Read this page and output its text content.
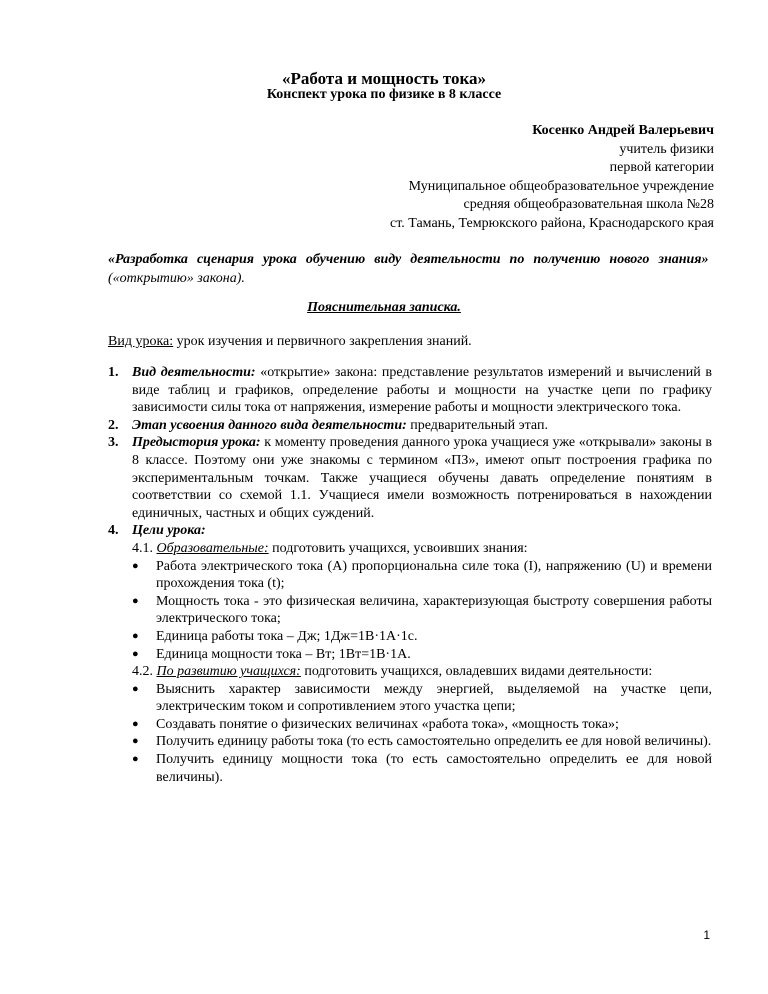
«Работа и мощность тока»
Конспект урока по физике в 8 классе
Косенко Андрей Валерьевич
учитель физики
первой категории
Муниципальное общеобразовательное учреждение
средняя общеобразовательная школа №28
ст. Тамань, Темрюкского района, Краснодарского края
«Разработка сценария урока обучению виду деятельности по получению нового знания»  («открытию» закона).
Пояснительная записка.
Вид урока: урок изучения и первичного закрепления знаний.
1. Вид деятельности: «открытие» закона: представление результатов измерений и вычислений в виде таблиц и графиков, определение работы и мощности на участке цепи по графику зависимости силы тока от напряжения, измерение работы и мощности электрического тока.
2. Этап усвоения данного вида деятельности: предварительный этап.
3. Предыстория урока: к моменту проведения данного урока учащиеся уже «открывали» законы в 8 классе. Поэтому они уже знакомы с термином «ПЗ», имеют опыт построения графика по экспериментальным точкам. Также учащиеся обучены давать определение понятиям в соответствии со схемой 1.1. Учащиеся имели возможность потренироваться в нахождении единичных, частных и общих суждений.
4. Цели урока:
4.1. Образовательные: подготовить учащихся, усвоивших знания:
●	Работа электрического тока (A) пропорциональна силе тока (I), напряжению (U) и времени прохождения тока (t);
●	Мощность тока - это физическая величина, характеризующая быстроту совершения работы электрического тока;
●	Единица работы тока – Дж; 1Дж=1В·1А·1с.
●	Единица мощности тока – Вт; 1Вт=1В·1А.
4.2. По развитию учащихся: подготовить учащихся, овладевших видами деятельности:
●	Выяснить характер зависимости между энергией, выделяемой на участке цепи, электрическим током и сопротивлением этого участка цепи;
●	Создавать понятие о физических величинах «работа тока», «мощность тока»;
●	Получить единицу работы тока (то есть самостоятельно определить ее для новой величины).
●	Получить единицу мощности тока (то есть самостоятельно определить ее для новой величины).
1
